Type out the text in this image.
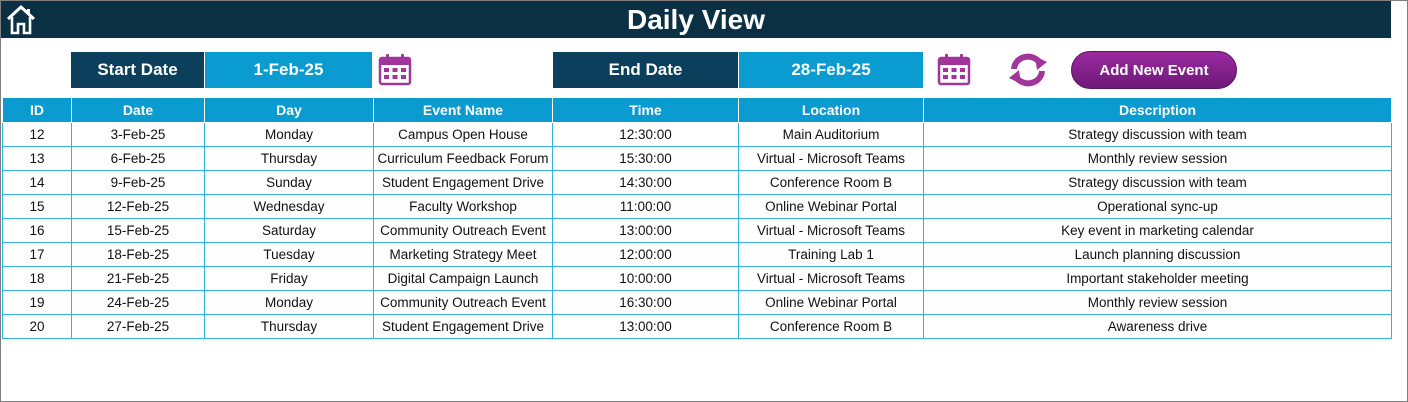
Daily View
Start Date	1-Feb-25	End Date	28-Feb-25	Add New Event
ID	Date	Day	Event Name	Time	Location	Description
12	3-Feb-25	Monday	Campus Open House	12:30:00	Main Auditorium	Strategy discussion with team
13	6-Feb-25	Thursday	Curriculum Feedback Forum	15:30:00	Virtual - Microsoft Teams	Monthly review session
14	9-Feb-25	Sunday	Student Engagement Drive	14:30:00	Conference Room B	Strategy discussion with team
15	12-Feb-25	Wednesday	Faculty Workshop	11:00:00	Online Webinar Portal	Operational sync-up
16	15-Feb-25	Saturday	Community Outreach Event	13:00:00	Virtual - Microsoft Teams	Key event in marketing calendar
17	18-Feb-25	Tuesday	Marketing Strategy Meet	12:00:00	Training Lab 1	Launch planning discussion
18	21-Feb-25	Friday	Digital Campaign Launch	10:00:00	Virtual - Microsoft Teams	Important stakeholder meeting
19	24-Feb-25	Monday	Community Outreach Event	16:30:00	Online Webinar Portal	Monthly review session
20	27-Feb-25	Thursday	Student Engagement Drive	13:00:00	Conference Room B	Awareness drive
